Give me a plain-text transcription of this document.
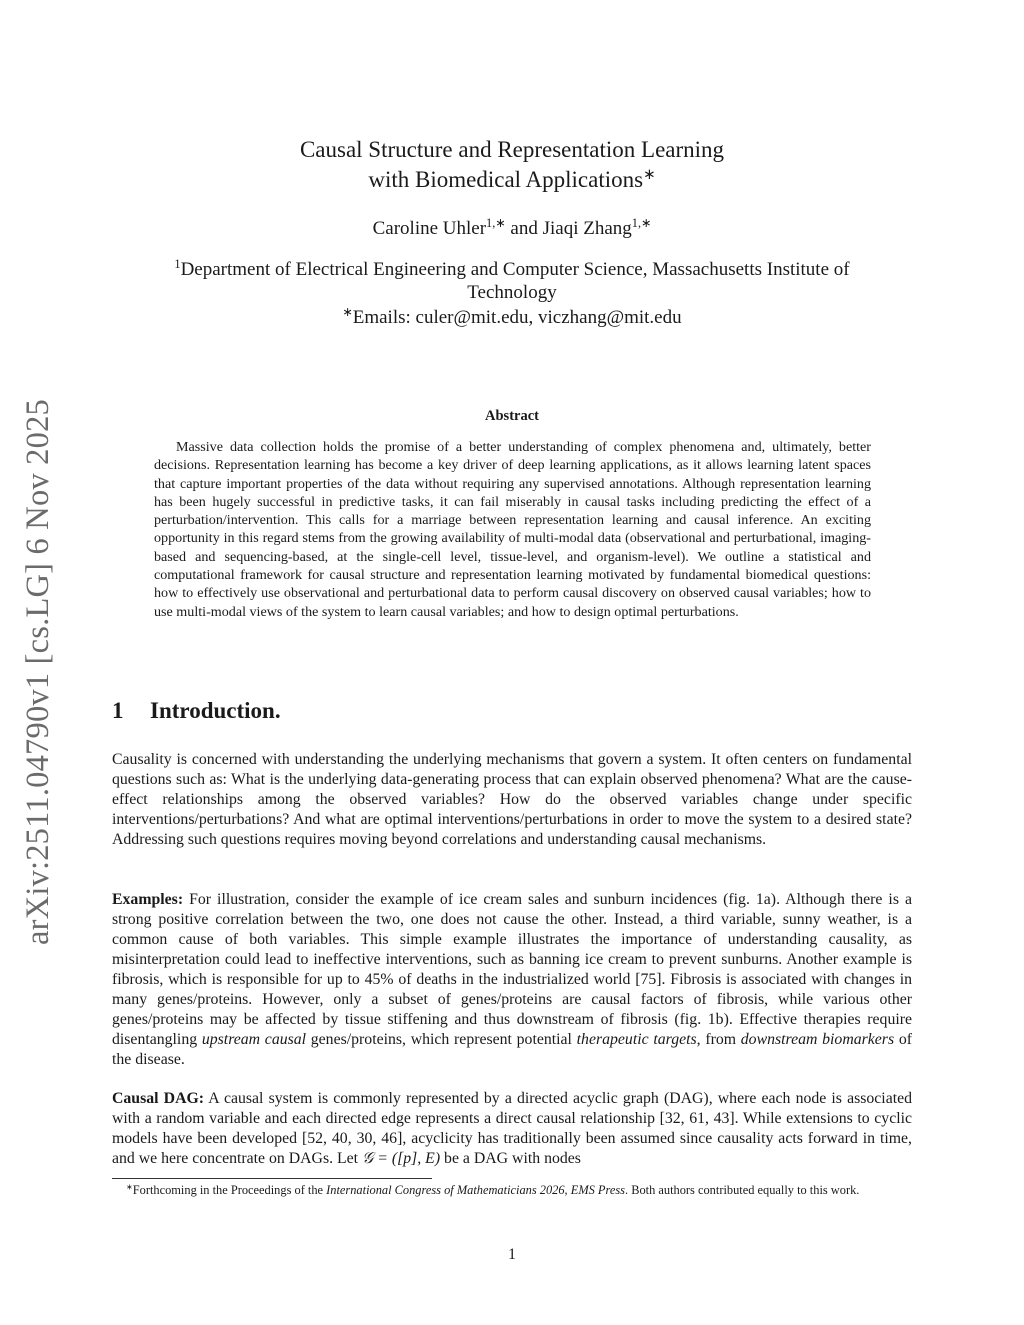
arXiv:2511.04790v1 [cs.LG] 6 Nov 2025
Causal Structure and Representation Learning
with Biomedical Applications∗
Caroline Uhler$^{1,∗}$ and Jiaqi Zhang$^{1,∗}$
$^1$Department of Electrical Engineering and Computer Science, Massachusetts Institute of
Technology
∗Emails: culer@mit.edu, viczhang@mit.edu
Abstract

Massive data collection holds the promise of a better understanding of complex phenomena and, ultimately, better decisions. Representation learning has become a key driver of deep learning applications, as it allows learning latent spaces that capture important properties of the data without requiring any supervised annotations. Although representation learning has been hugely successful in predictive tasks, it can fail miserably in causal tasks including predicting the effect of a perturbation/intervention. This calls for a marriage between representation learning and causal inference. An exciting opportunity in this regard stems from the growing availability of multi-modal data (observational and perturbational, imaging-based and sequencing-based, at the single-cell level, tissue-level, and organism-level). We outline a statistical and computational framework for causal structure and representation learning motivated by fundamental biomedical questions: how to effectively use observational and perturbational data to perform causal discovery on observed causal variables; how to use multi-modal views of the system to learn causal variables; and how to design optimal perturbations.

1 Introduction.

Causality is concerned with understanding the underlying mechanisms that govern a system. It often centers on fundamental questions such as: What is the underlying data-generating process that can explain observed phenomena? What are the cause-effect relationships among the observed variables? How do the observed variables change under specific interventions/perturbations? And what are optimal interventions/perturbations in order to move the system to a desired state? Addressing such questions requires moving beyond correlations and understanding causal mechanisms.

Examples: For illustration, consider the example of ice cream sales and sunburn incidences (fig. 1a). Although there is a strong positive correlation between the two, one does not cause the other. Instead, a third variable, sunny weather, is a common cause of both variables. This simple example illustrates the importance of understanding causality, as misinterpretation could lead to ineffective interventions, such as banning ice cream to prevent sunburns. Another example is fibrosis, which is responsible for up to 45% of deaths in the industrialized world [75]. Fibrosis is associated with changes in many genes/proteins. However, only a subset of genes/proteins are causal factors of fibrosis, while various other genes/proteins may be affected by tissue stiffening and thus downstream of fibrosis (fig. 1b). Effective therapies require disentangling upstream causal genes/proteins, which represent potential therapeutic targets, from downstream biomarkers of the disease.

Causal DAG: A causal system is commonly represented by a directed acyclic graph (DAG), where each node is associated with a random variable and each directed edge represents a direct causal relationship [32, 61, 43]. While extensions to cyclic models have been developed [52, 40, 30, 46], acyclicity has traditionally been assumed since causality acts forward in time, and we here concentrate on DAGs. Let 𝒢 = ([p], E) be a DAG with nodes

∗Forthcoming in the Proceedings of the International Congress of Mathematicians 2026, EMS Press. Both authors contributed equally to this work.

1
